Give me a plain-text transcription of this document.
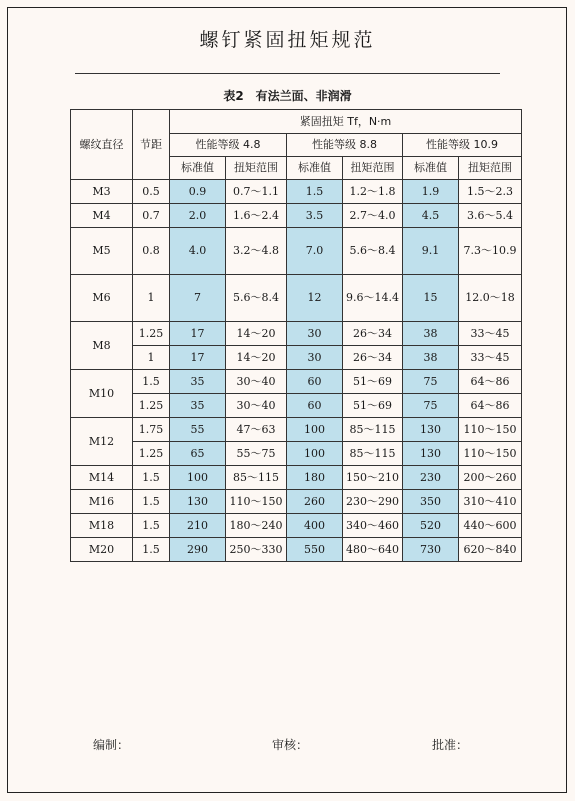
螺钉紧固扭矩规范
表2　有法兰面、非润滑
螺纹直径	节距	紧固扭矩 Tf，N·m					
		性能等级 4.8		性能等级 8.8		性能等级 10.9	
		标准值	扭矩范围	标准值	扭矩范围	标准值	扭矩范围
M3	0.5	0.9	0.7～1.1	1.5	1.2～1.8	1.9	1.5～2.3
M4	0.7	2.0	1.6～2.4	3.5	2.7～4.0	4.5	3.6～5.4
M5	0.8	4.0	3.2～4.8	7.0	5.6～8.4	9.1	7.3～10.9
M6	1	7	5.6～8.4	12	9.6～14.4	15	12.0～18
M8	1.25	17	14～20	30	26～34	38	33～45
	1	17	14～20	30	26～34	38	33～45
M10	1.5	35	30～40	60	51～69	75	64～86
	1.25	35	30～40	60	51～69	75	64～86
M12	1.75	55	47～63	100	85～115	130	110～150
	1.25	65	55～75	100	85～115	130	110～150
M14	1.5	100	85～115	180	150～210	230	200～260
M16	1.5	130	110～150	260	230～290	350	310～410
M18	1.5	210	180～240	400	340～460	520	440～600
M20	1.5	290	250～330	550	480～640	730	620～840
编制：	审核：	批准：
